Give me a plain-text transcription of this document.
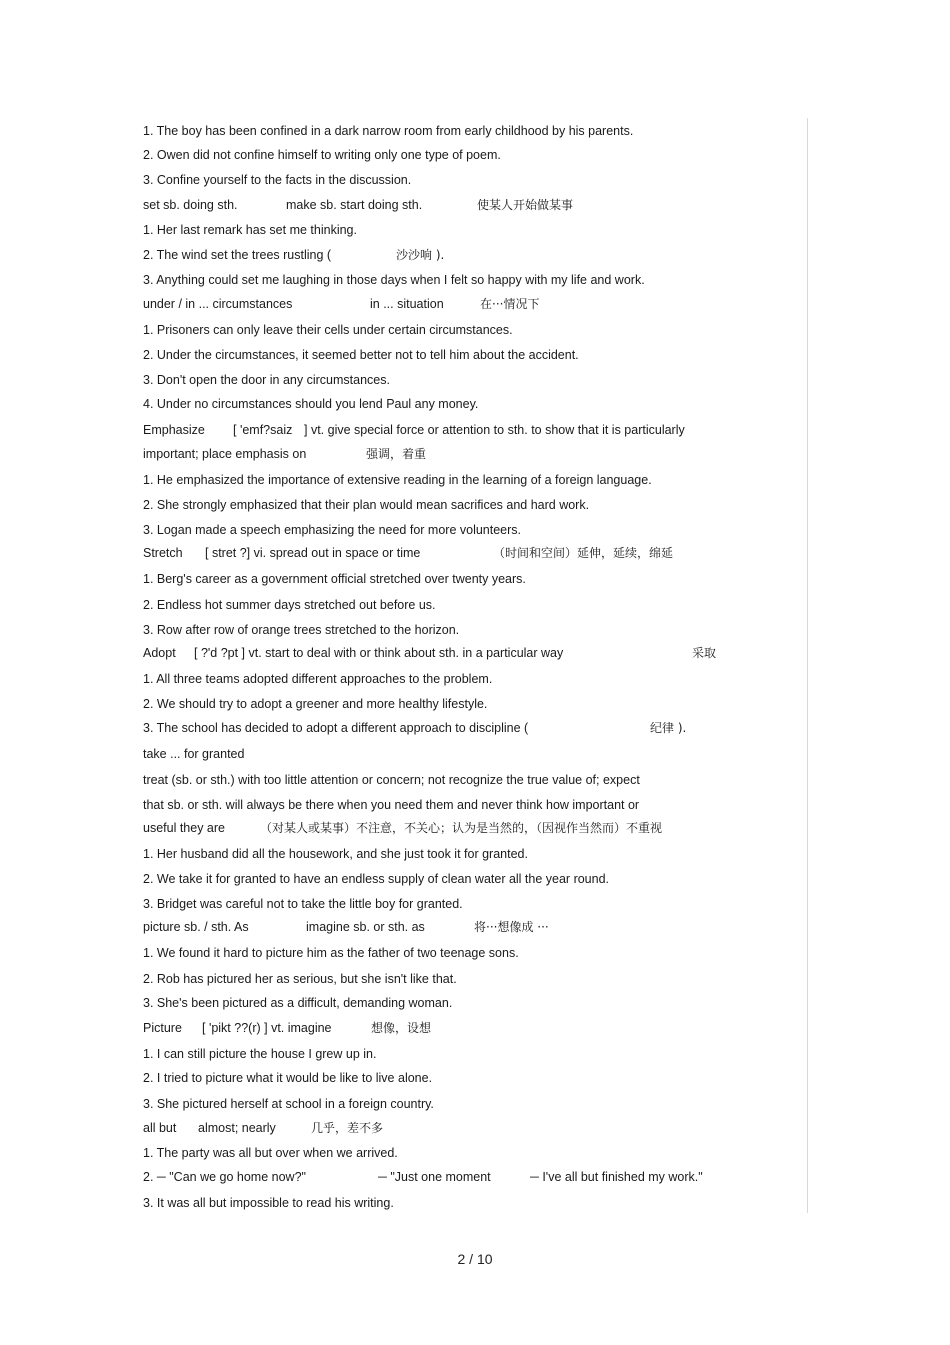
1. The boy has been confined in a dark narrow room from early childhood by his parents.
2. Owen did not confine himself to writing only one type of poem.
3. Confine yourself to the facts in the discussion.
set sb. doing sth.	make sb. start doing sth.	使某人开始做某事
1. Her last remark has set me thinking.
2. The wind set the trees rustling (	沙沙响 ).
3. Anything could set me laughing in those days when I felt so happy with my life and work.
under / in ... circumstances	in ... situation	在···情况下
1. Prisoners can only leave their cells under certain circumstances.
2. Under the circumstances, it seemed better not to tell him about the accident.
3. Don't open the door in any circumstances.
4. Under no circumstances should you lend Paul any money.
Emphasize [ 'emf?saiz ] vt. give special force or attention to sth. to show that it is particularly
important; place emphasis on	强调，着重
1. He emphasized the importance of extensive reading in the learning of a foreign language.
2. She strongly emphasized that their plan would mean sacrifices and hard work.
3. Logan made a speech emphasizing the need for more volunteers.
Stretch [ stret ?] vi. spread out in space or time	（时间和空间）延伸，延续，绵延
1. Berg's career as a government official stretched over twenty years.
2. Endless hot summer days stretched out before us.
3. Row after row of orange trees stretched to the horizon.
Adopt [ ?'d ?pt ] vt. start to deal with or think about sth. in a particular way	采取
1. All three teams adopted different approaches to the problem.
2. We should try to adopt a greener and more healthy lifestyle.
3. The school has decided to adopt a different approach to discipline (	纪律 ).
take ... for granted
treat (sb. or sth.) with too little attention or concern; not recognize the true value of; expect
that sb. or sth. will always be there when you need them and never think how important or
useful they are	（对某人或某事）不注意，不关心；认为是当然的，（因视作当然而）不重视
1. Her husband did all the housework, and she just took it for granted.
2. We take it for granted to have an endless supply of clean water all the year round.
3. Bridget was careful not to take the little boy for granted.
picture sb. / sth. As	imagine sb. or sth. as	将···想像成 ···
1. We found it hard to picture him as the father of two teenage sons.
2. Rob has pictured her as serious, but she isn't like that.
3. She's been pictured as a difficult, demanding woman.
Picture [ 'pikt ??(r) ] vt. imagine	想像，设想
1. I can still picture the house I grew up in.
2. I tried to picture what it would be like to live alone.
3. She pictured herself at school in a foreign country.
all but almost; nearly	几乎，差不多
1. The party was all but over when we arrived.
2. ─ "Can we go home now?"	─ "Just one moment	─ I've all but finished my work."
3. It was all but impossible to read his writing.
2 / 10
